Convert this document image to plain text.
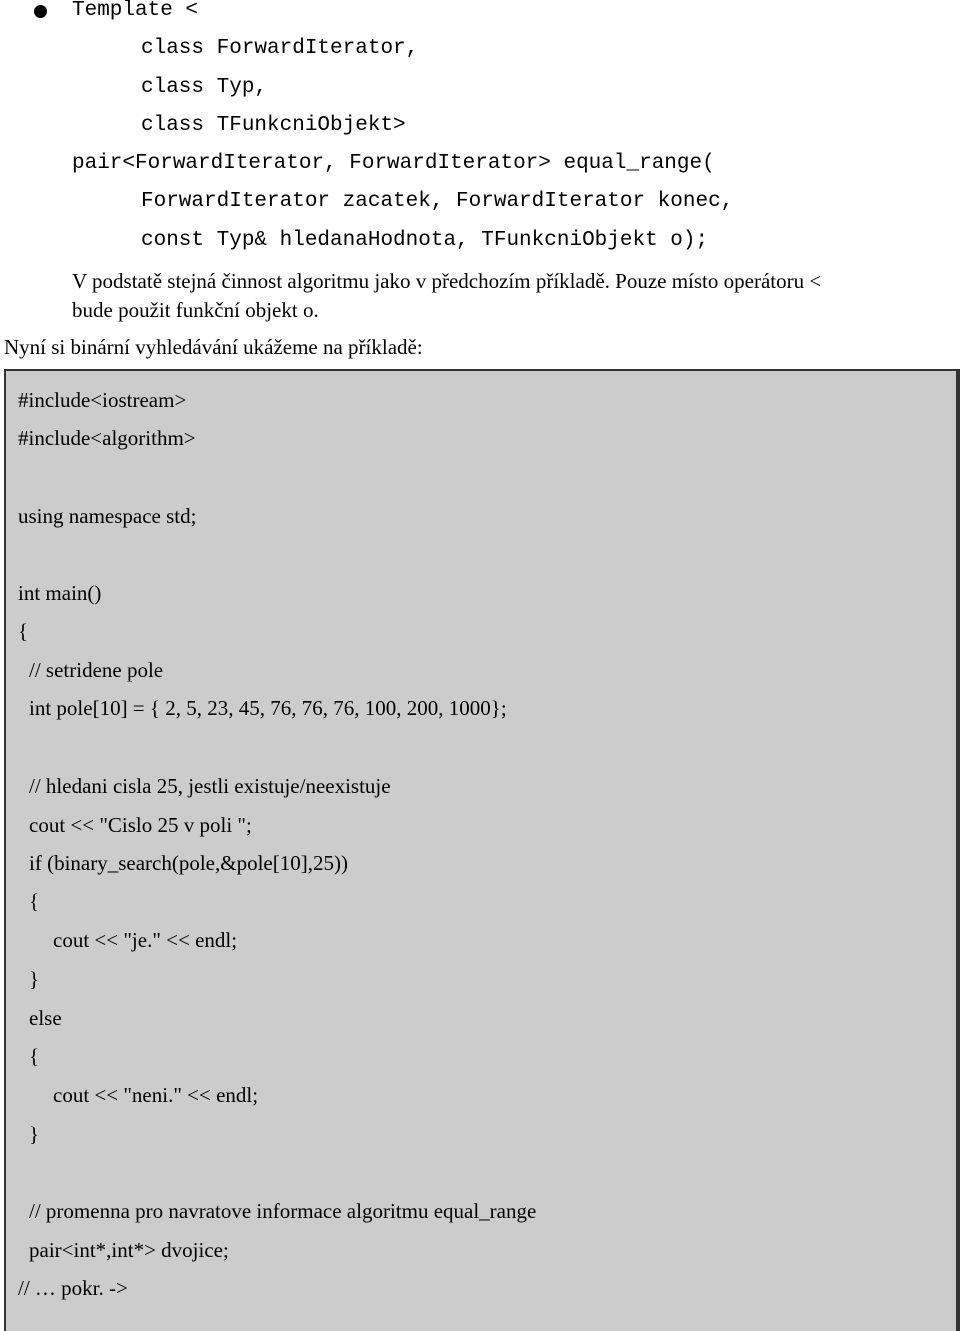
Template <
class ForwardIterator,
class Typ,
class TFunkcniObjekt>
pair<ForwardIterator, ForwardIterator> equal_range(
ForwardIterator zacatek, ForwardIterator konec,
const Typ& hledanaHodnota, TFunkcniObjekt o);
V podstatě stejná činnost algoritmu jako v předchozím příkladě. Pouze místo operátoru <
bude použit funkční objekt o.
Nyní si binární vyhledávání ukážeme na příkladě:
#include<iostream>
#include<algorithm>
using namespace std;
int main()
{
// setridene pole
int pole[10] = { 2, 5, 23, 45, 76, 76, 76, 100, 200, 1000};
// hledani cisla 25, jestli existuje/neexistuje
cout << "Cislo 25 v poli ";
if (binary_search(pole,&pole[10],25))
{
cout << "je." << endl;
}
else
{
cout << "neni." << endl;
}
// promenna pro navratove informace algoritmu equal_range
pair<int*,int*> dvojice;
// … pokr. ->
